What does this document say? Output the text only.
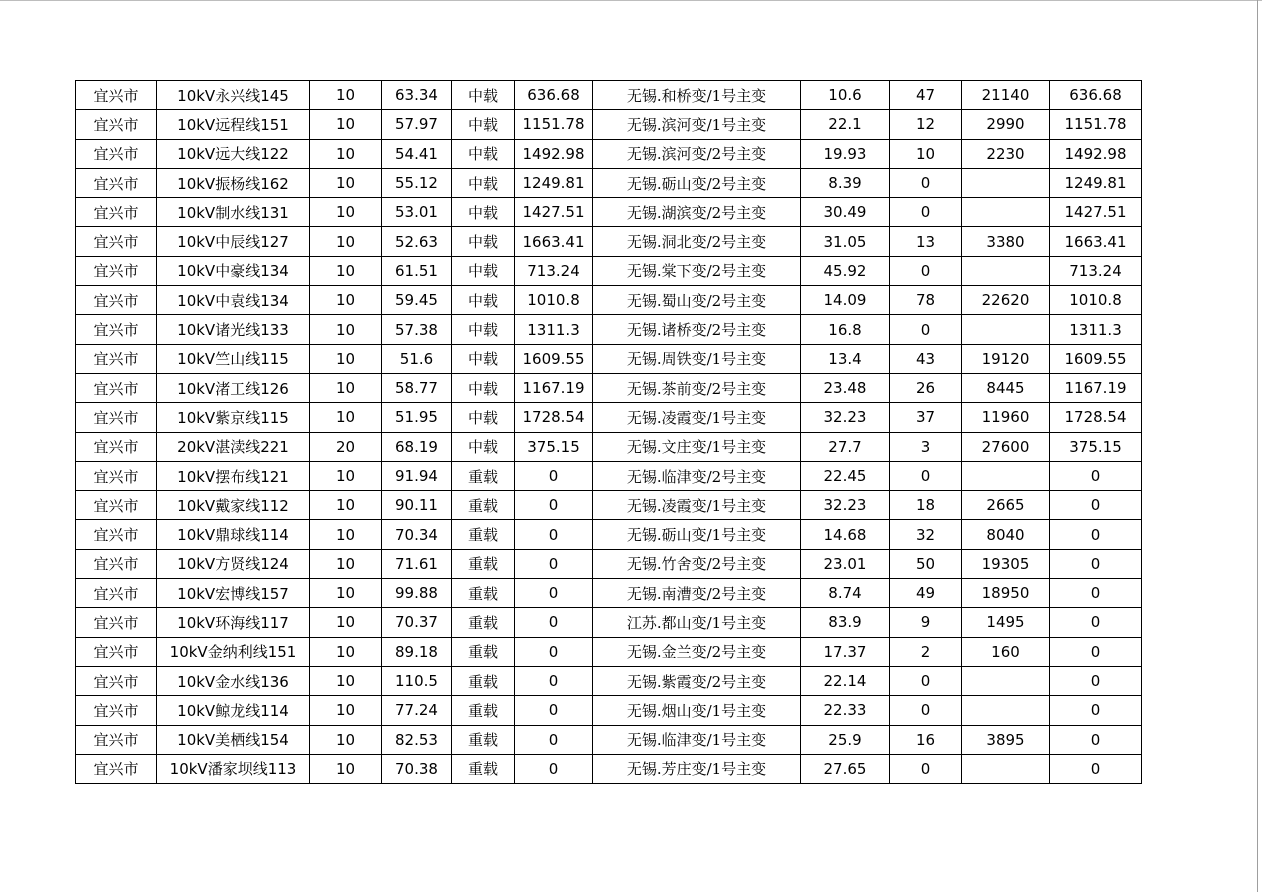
宜兴市	10kV永兴线145	10	63.34	中载	636.68	无锡.和桥变/1号主变	10.6	47	21140	636.68
宜兴市	10kV远程线151	10	57.97	中载	1151.78	无锡.滨河变/1号主变	22.1	12	2990	1151.78
宜兴市	10kV远大线122	10	54.41	中载	1492.98	无锡.滨河变/2号主变	19.93	10	2230	1492.98
宜兴市	10kV振杨线162	10	55.12	中载	1249.81	无锡.砺山变/2号主变	8.39	0		1249.81
宜兴市	10kV制水线131	10	53.01	中载	1427.51	无锡.湖滨变/2号主变	30.49	0		1427.51
宜兴市	10kV中辰线127	10	52.63	中载	1663.41	无锡.洞北变/2号主变	31.05	13	3380	1663.41
宜兴市	10kV中豪线134	10	61.51	中载	713.24	无锡.棠下变/2号主变	45.92	0		713.24
宜兴市	10kV中袁线134	10	59.45	中载	1010.8	无锡.蜀山变/2号主变	14.09	78	22620	1010.8
宜兴市	10kV诸光线133	10	57.38	中载	1311.3	无锡.诸桥变/2号主变	16.8	0		1311.3
宜兴市	10kV竺山线115	10	51.6	中载	1609.55	无锡.周铁变/1号主变	13.4	43	19120	1609.55
宜兴市	10kV渚工线126	10	58.77	中载	1167.19	无锡.茶前变/2号主变	23.48	26	8445	1167.19
宜兴市	10kV紫京线115	10	51.95	中载	1728.54	无锡.凌霞变/1号主变	32.23	37	11960	1728.54
宜兴市	20kV湛渎线221	20	68.19	中载	375.15	无锡.文庄变/1号主变	27.7	3	27600	375.15
宜兴市	10kV摆布线121	10	91.94	重载	0	无锡.临津变/2号主变	22.45	0		0
宜兴市	10kV戴家线112	10	90.11	重载	0	无锡.凌霞变/1号主变	32.23	18	2665	0
宜兴市	10kV鼎球线114	10	70.34	重载	0	无锡.砺山变/1号主变	14.68	32	8040	0
宜兴市	10kV方贤线124	10	71.61	重载	0	无锡.竹舍变/2号主变	23.01	50	19305	0
宜兴市	10kV宏博线157	10	99.88	重载	0	无锡.南漕变/2号主变	8.74	49	18950	0
宜兴市	10kV环海线117	10	70.37	重载	0	江苏.都山变/1号主变	83.9	9	1495	0
宜兴市	10kV金纳利线151	10	89.18	重载	0	无锡.金兰变/2号主变	17.37	2	160	0
宜兴市	10kV金水线136	10	110.5	重载	0	无锡.紫霞变/2号主变	22.14	0		0
宜兴市	10kV鲸龙线114	10	77.24	重载	0	无锡.烟山变/1号主变	22.33	0		0
宜兴市	10kV美栖线154	10	82.53	重载	0	无锡.临津变/1号主变	25.9	16	3895	0
宜兴市	10kV潘家坝线113	10	70.38	重载	0	无锡.芳庄变/1号主变	27.65	0		0
